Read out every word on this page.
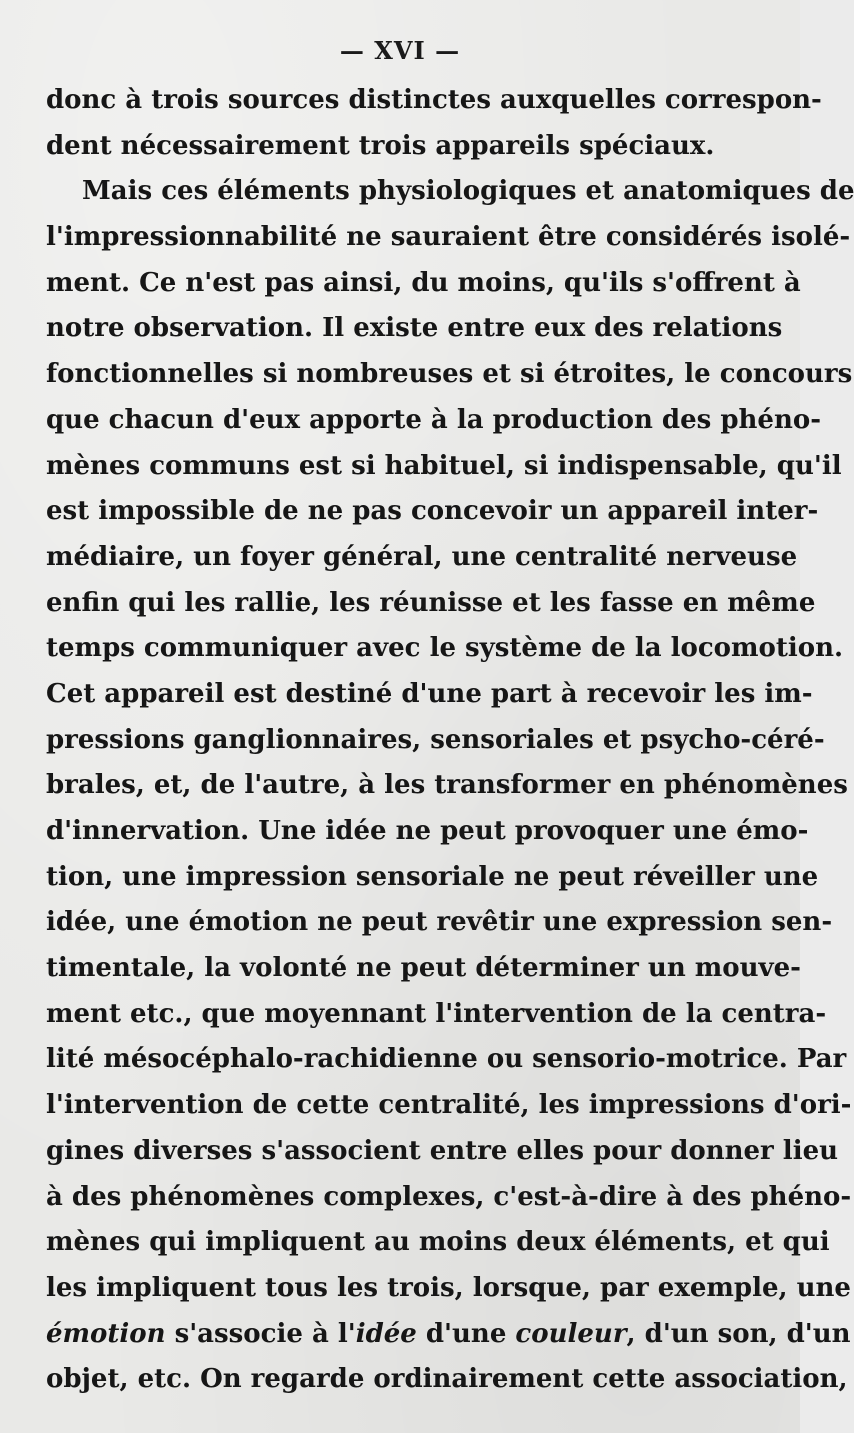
— XVI —
donc à trois sources distinctes auxquelles correspon-
dent nécessairement trois appareils spéciaux.
Mais ces éléments physiologiques et anatomiques de
l'impressionnabilité ne sauraient être considérés isolé-
ment. Ce n'est pas ainsi, du moins, qu'ils s'offrent à
notre observation. Il existe entre eux des relations
fonctionnelles si nombreuses et si étroites, le concours
que chacun d'eux apporte à la production des phéno-
mènes communs est si habituel, si indispensable, qu'il
est impossible de ne pas concevoir un appareil inter-
médiaire, un foyer général, une centralité nerveuse
enfin qui les rallie, les réunisse et les fasse en même
temps communiquer avec le système de la locomotion.
Cet appareil est destiné d'une part à recevoir les im-
pressions ganglionnaires, sensoriales et psycho-céré-
brales, et, de l'autre, à les transformer en phénomènes
d'innervation. Une idée ne peut provoquer une émo-
tion, une impression sensoriale ne peut réveiller une
idée, une émotion ne peut revêtir une expression sen-
timentale, la volonté ne peut déterminer un mouve-
ment etc., que moyennant l'intervention de la centra-
lité mésocéphalo-rachidienne ou sensorio-motrice. Par
l'intervention de cette centralité, les impressions d'ori-
gines diverses s'associent entre elles pour donner lieu
à des phénomènes complexes, c'est-à-dire à des phéno-
mènes qui impliquent au moins deux éléments, et qui
les impliquent tous les trois, lorsque, par exemple, une
émotion s'associe à l'idée d'une couleur, d'un son, d'un
objet, etc. On regarde ordinairement cette association,
